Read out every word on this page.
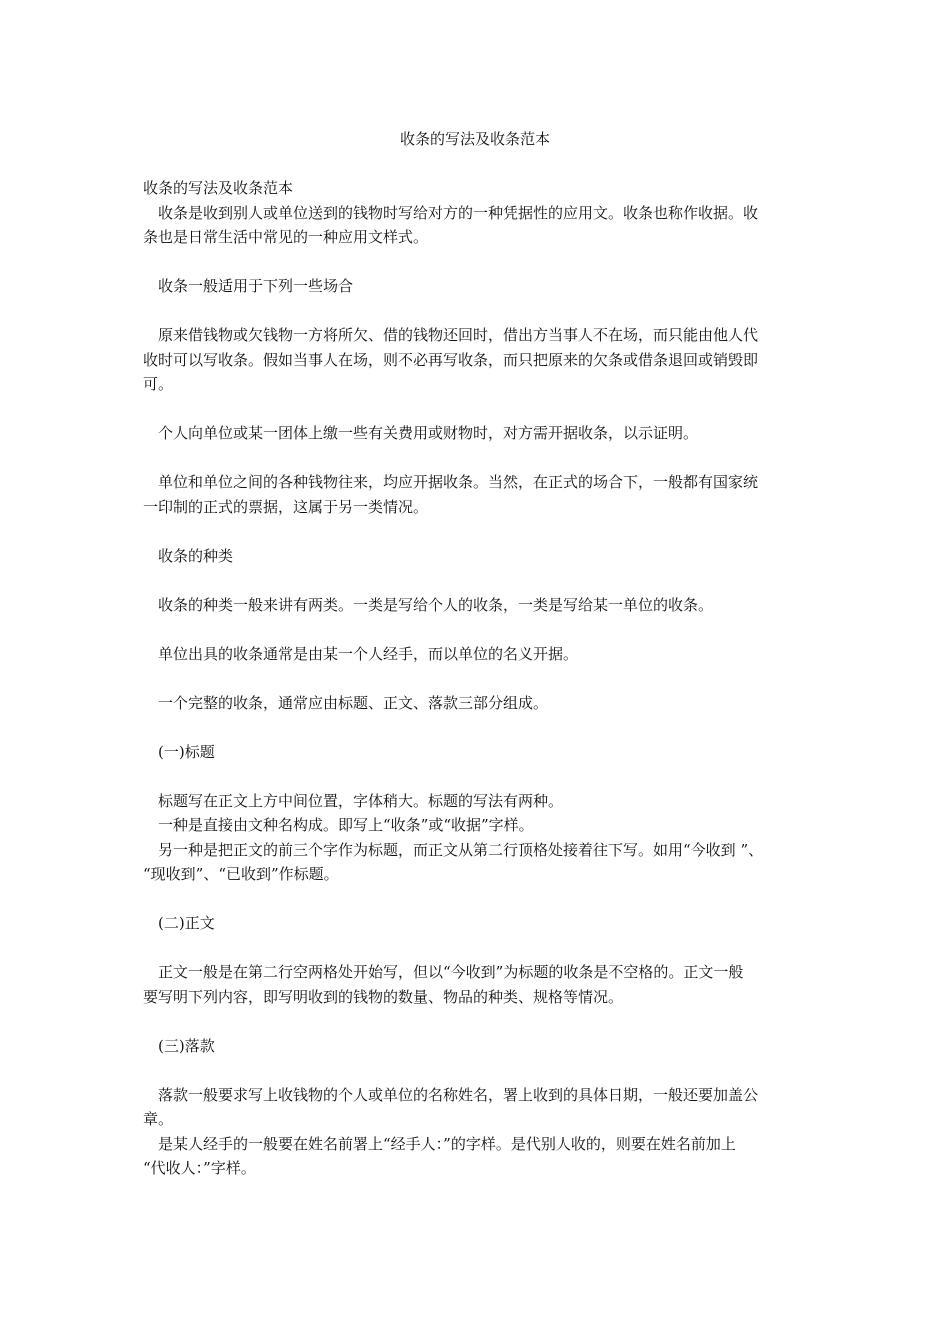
收条的写法及收条范本
收条的写法及收条范本
收条是收到别人或单位送到的钱物时写给对方的一种凭据性的应用文。收条也称作收据。收
条也是日常生活中常见的一种应用文样式。
收条一般适用于下列一些场合
原来借钱物或欠钱物一方将所欠、借的钱物还回时，借出方当事人不在场，而只能由他人代
收时可以写收条。假如当事人在场，则不必再写收条，而只把原来的欠条或借条退回或销毁即
可。
个人向单位或某一团体上缴一些有关费用或财物时，对方需开据收条，以示证明。
单位和单位之间的各种钱物往来，均应开据收条。当然，在正式的场合下，一般都有国家统
一印制的正式的票据，这属于另一类情况。
收条的种类
收条的种类一般来讲有两类。一类是写给个人的收条，一类是写给某一单位的收条。
单位出具的收条通常是由某一个人经手，而以单位的名义开据。
一个完整的收条，通常应由标题、正文、落款三部分组成。
(一)标题
标题写在正文上方中间位置，字体稍大。标题的写法有两种。
一种是直接由文种名构成。即写上“收条”或“收据”字样。
另一种是把正文的前三个字作为标题，而正文从第二行顶格处接着往下写。如用“今收到 ”、
“现收到”、“已收到”作标题。
(二)正文
正文一般是在第二行空两格处开始写，但以“今收到”为标题的收条是不空格的。正文一般
要写明下列内容，即写明收到的钱物的数量、物品的种类、规格等情况。
(三)落款
落款一般要求写上收钱物的个人或单位的名称姓名，署上收到的具体日期，一般还要加盖公
章。
是某人经手的一般要在姓名前署上“经手人：”的字样。是代别人收的，则要在姓名前加上
“代收人：”字样。
